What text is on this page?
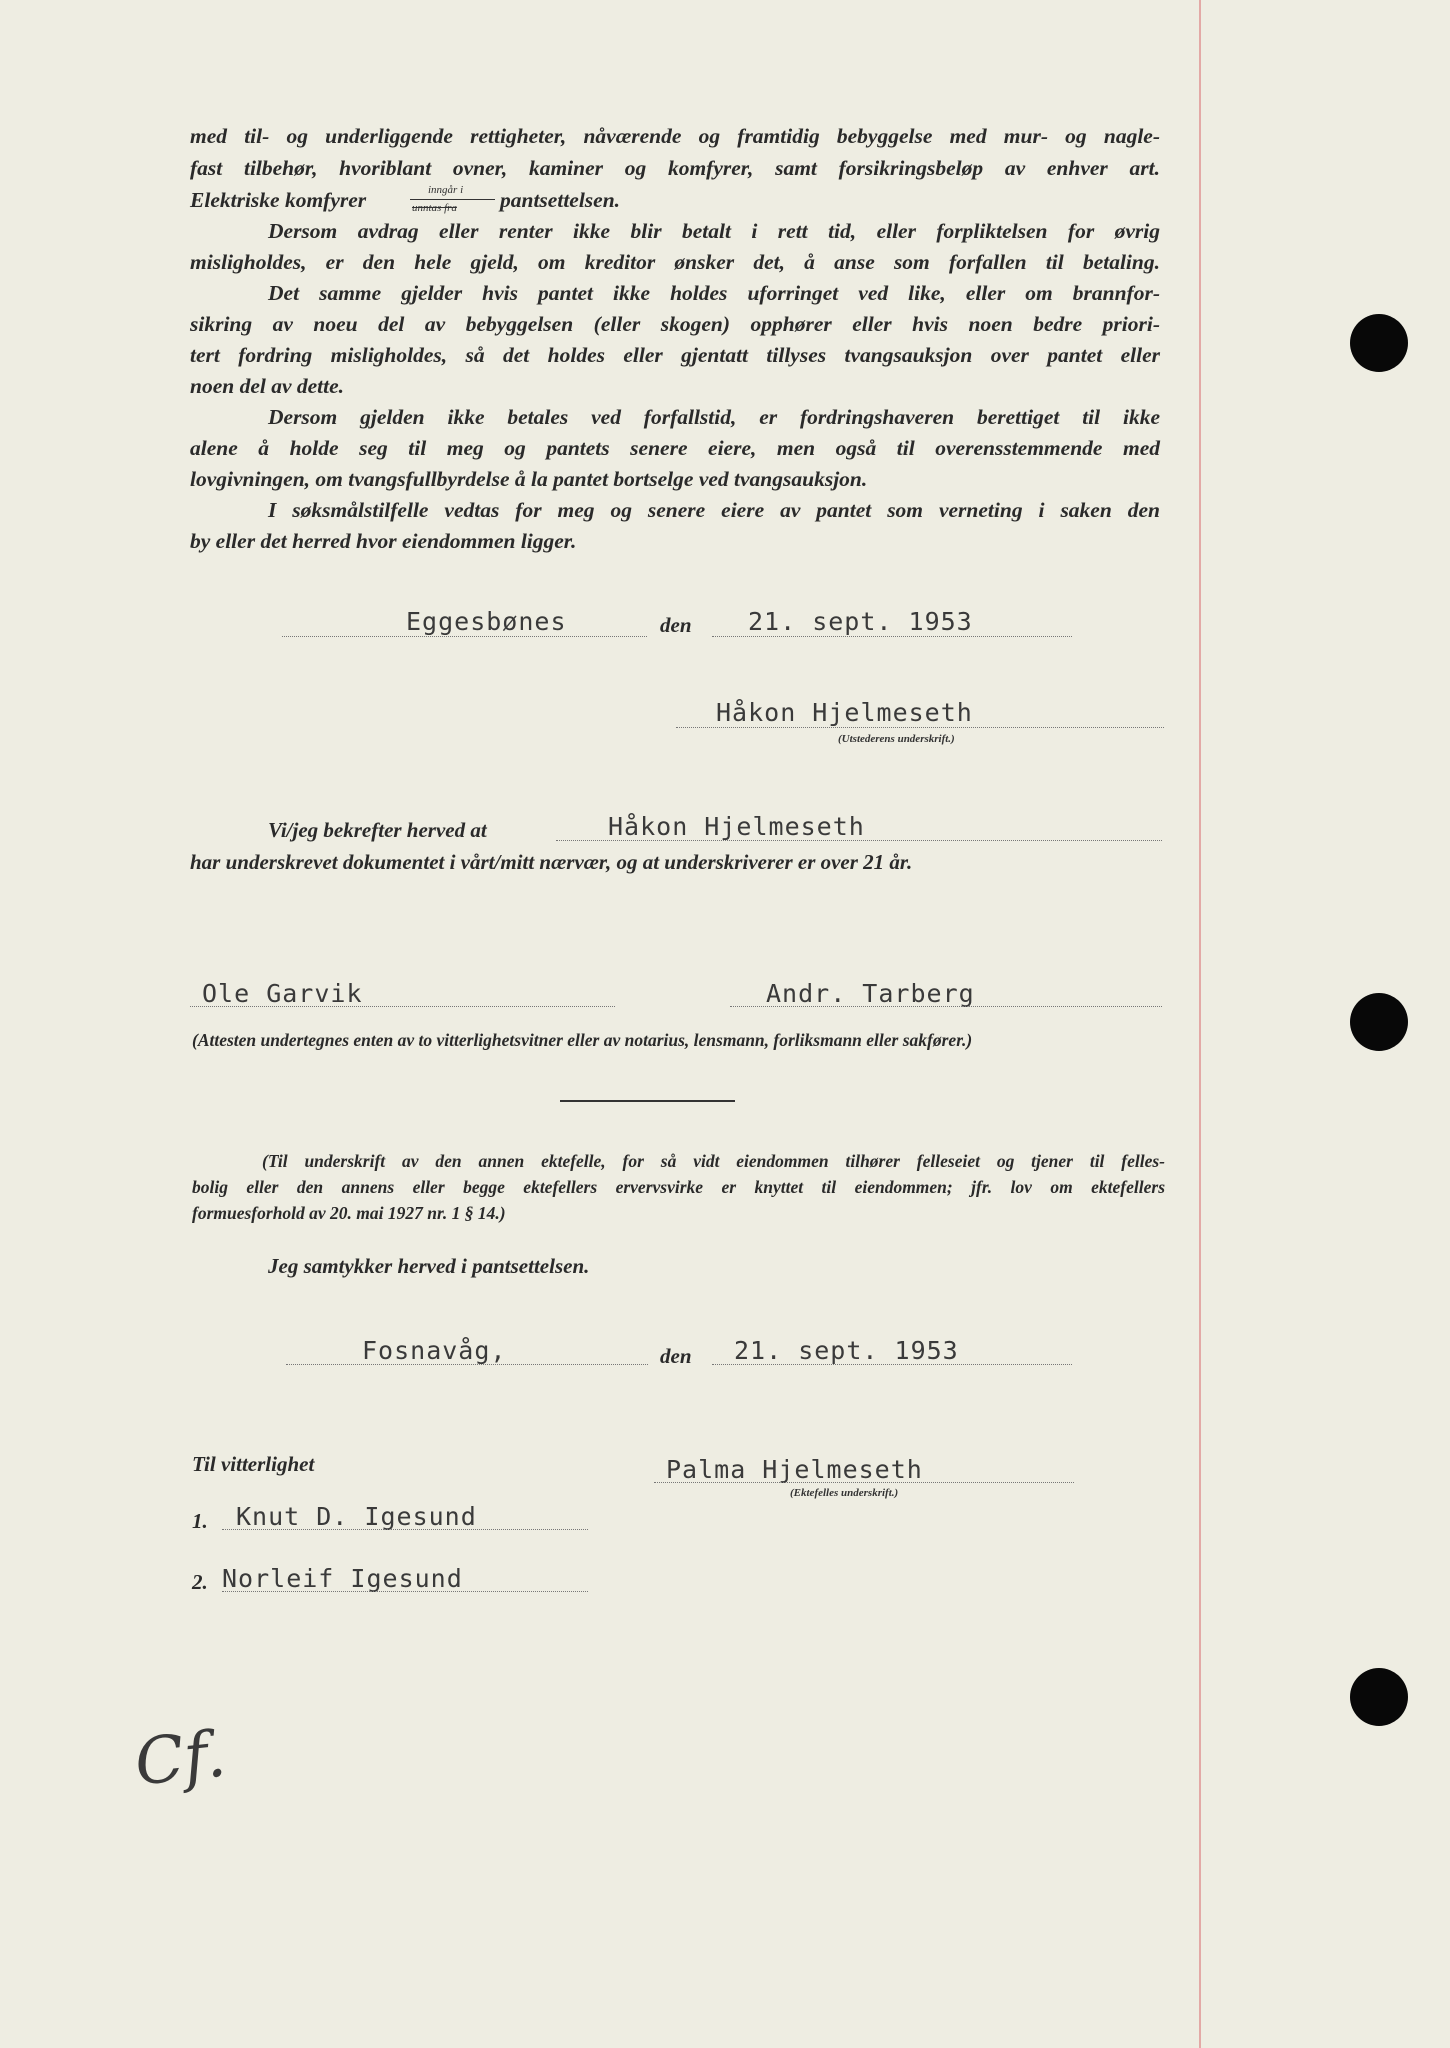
med til- og underliggende rettigheter, nåværende og framtidig bebyggelse med mur- og nagle-
fast tilbehør, hvoriblant ovner, kaminer og komfyrer, samt forsikringsbeløp av enhver art.
Elektriske komfyrer	inngår i
unntas fra pantsettelsen.
Dersom avdrag eller renter ikke blir betalt i rett tid, eller forpliktelsen for øvrig
misligholdes, er den hele gjeld, om kreditor ønsker det, å anse som forfallen til betaling.
Det samme gjelder hvis pantet ikke holdes uforringet ved like, eller om brannfor-
sikring av noeu del av bebyggelsen (eller skogen) opphører eller hvis noen bedre priori-
tert fordring misligholdes, så det holdes eller gjentatt tillyses tvangsauksjon over pantet eller
noen del av dette.
Dersom gjelden ikke betales ved forfallstid, er fordringshaveren berettiget til ikke
alene å holde seg til meg og pantets senere eiere, men også til overensstemmende med
lovgivningen, om tvangsfullbyrdelse å la pantet bortselge ved tvangsauksjon.
I søksmålstilfelle vedtas for meg og senere eiere av pantet som verneting i saken den
by eller det herred hvor eiendommen ligger.
Eggesbønes	den 21. sept. 1953
Håkon Hjelmeseth
(Utstederens underskrift.)
Vi/jeg bekrefter herved at	Håkon Hjelmeseth
har underskrevet dokumentet i vårt/mitt nærvær, og at underskriverer er over 21 år.
Ole Garvik	Andr. Tarberg
(Attesten undertegnes enten av to vitterlighetsvitner eller av notarius, lensmann, forliksmann eller sakfører.)
(Til underskrift av den annen ektefelle, for så vidt eiendommen tilhører felleseiet og tjener til felles-
bolig eller den annens eller begge ektefellers ervervsvirke er knyttet til eiendommen; jfr. lov om ektefellers
formuesforhold av 20. mai 1927 nr. 1 § 14.)
Jeg samtykker herved i pantsettelsen.
Fosnavåg,	den 21. sept. 1953
Til vitterlighet	Palma Hjelmeseth
(Ektefelles underskrift.)
1. Knut D. Igesund
2. Norleif Igesund
Cf.
